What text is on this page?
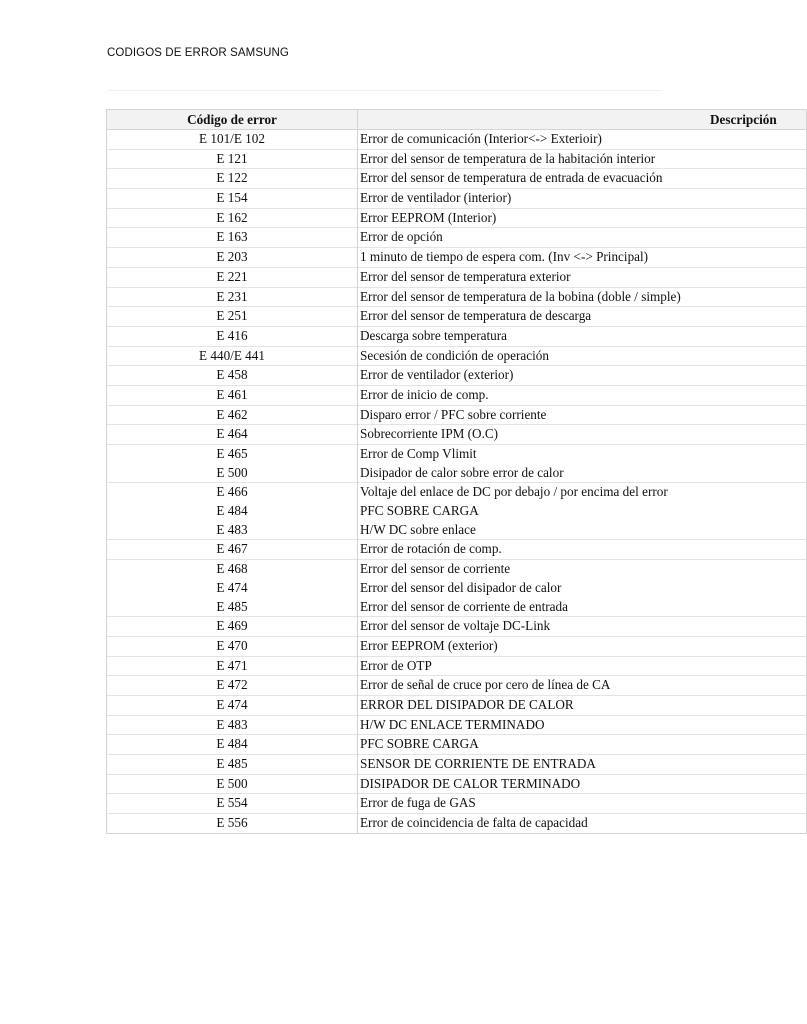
CODIGOS DE ERROR SAMSUNG
Código de error	Descripción

E 101/E 102	Error de comunicación (Interior<-> Exterioir)

E 121	Error del sensor de temperatura de la habitación interior

E 122	Error del sensor de temperatura de entrada de evacuación

E 154	Error de ventilador (interior)

E 162	Error EEPROM (Interior)

E 163	Error de opción

E 203	1 minuto de tiempo de espera com. (Inv <-> Principal)

E 221	Error del sensor de temperatura exterior

E 231	Error del sensor de temperatura de la bobina (doble / simple)

E 251	Error del sensor de temperatura de descarga

E 416	Descarga sobre temperatura

E 440/E 441	Secesión de condición de operación

E 458	Error de ventilador (exterior)

E 461	Error de inicio de comp.

E 462	Disparo error / PFC sobre corriente

E 464	Sobrecorriente IPM (O.C)

E 465	Error de Comp Vlimit

E 500	Disipador de calor sobre error de calor

E 466	Voltaje del enlace de DC por debajo / por encima del error

E 484	PFC SOBRE CARGA

E 483	H/W DC sobre enlace

E 467	Error de rotación de comp.

E 468	Error del sensor de corriente

E 474	Error del sensor del disipador de calor

E 485	Error del sensor de corriente de entrada

E 469	Error del sensor de voltaje DC-Link

E 470	Error EEPROM (exterior)

E 471	Error de OTP

E 472	Error de señal de cruce por cero de línea de CA

E 474	ERROR DEL DISIPADOR DE CALOR

E 483	H/W DC ENLACE TERMINADO

E 484	PFC SOBRE CARGA

E 485	SENSOR DE CORRIENTE DE ENTRADA

E 500	DISIPADOR DE CALOR TERMINADO

E 554	Error de fuga de GAS

E 556	Error de coincidencia de falta de capacidad
